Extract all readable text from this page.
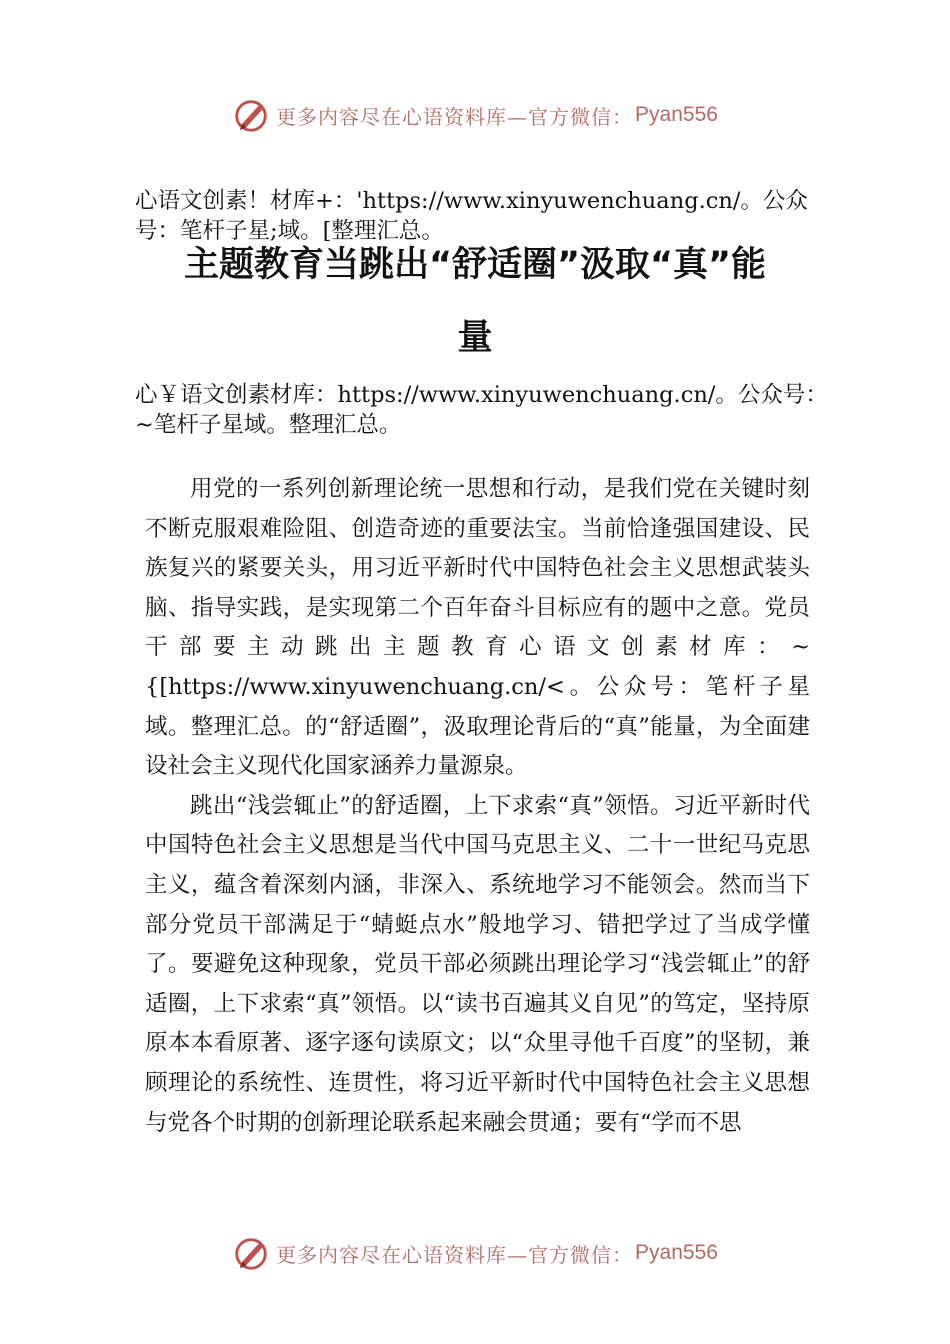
更多内容尽在心语资料库—官方微信： Pyan556
心语文创素！材库+：'https://www.xinyuwenchuang.cn/。公众号：笔杆子星;域。[整理汇总。
主题教育当跳出“舒适圈”汲取“真”能
量
心￥语文创素材库：https://www.xinyuwenchuang.cn/。公众号：~笔杆子星域。整理汇总。

用党的一系列创新理论统一思想和行动，是我们党在关键时刻不断克服艰难险阻、创造奇迹的重要法宝。当前恰逢强国建设、民族复兴的紧要关头，用习近平新时代中国特色社会主义思想武装头脑、指导实践，是实现第二个百年奋斗目标应有的题中之意。党员干部要主动跳出主题教育心语文创素材库：~{[https://www.xinyuwenchuang.cn/<。公众号：笔杆子星域。整理汇总。的“舒适圈”，汲取理论背后的“真”能量，为全面建设社会主义现代化国家涵养力量源泉。

跳出“浅尝辄止”的舒适圈，上下求索“真”领悟。习近平新时代中国特色社会主义思想是当代中国马克思主义、二十一世纪马克思主义，蕴含着深刻内涵，非深入、系统地学习不能领会。然而当下部分党员干部满足于“蜻蜓点水”般地学习、错把学过了当成学懂了。要避免这种现象，党员干部必须跳出理论学习“浅尝辄止”的舒适圈，上下求索“真”领悟。以“读书百遍其义自见”的笃定，坚持原原本本看原著、逐字逐句读原文；以“众里寻他千百度”的坚韧，兼顾理论的系统性、连贯性，将习近平新时代中国特色社会主义思想与党各个时期的创新理论联系起来融会贯通；要有“学而不思

更多内容尽在心语资料库—官方微信： Pyan556
